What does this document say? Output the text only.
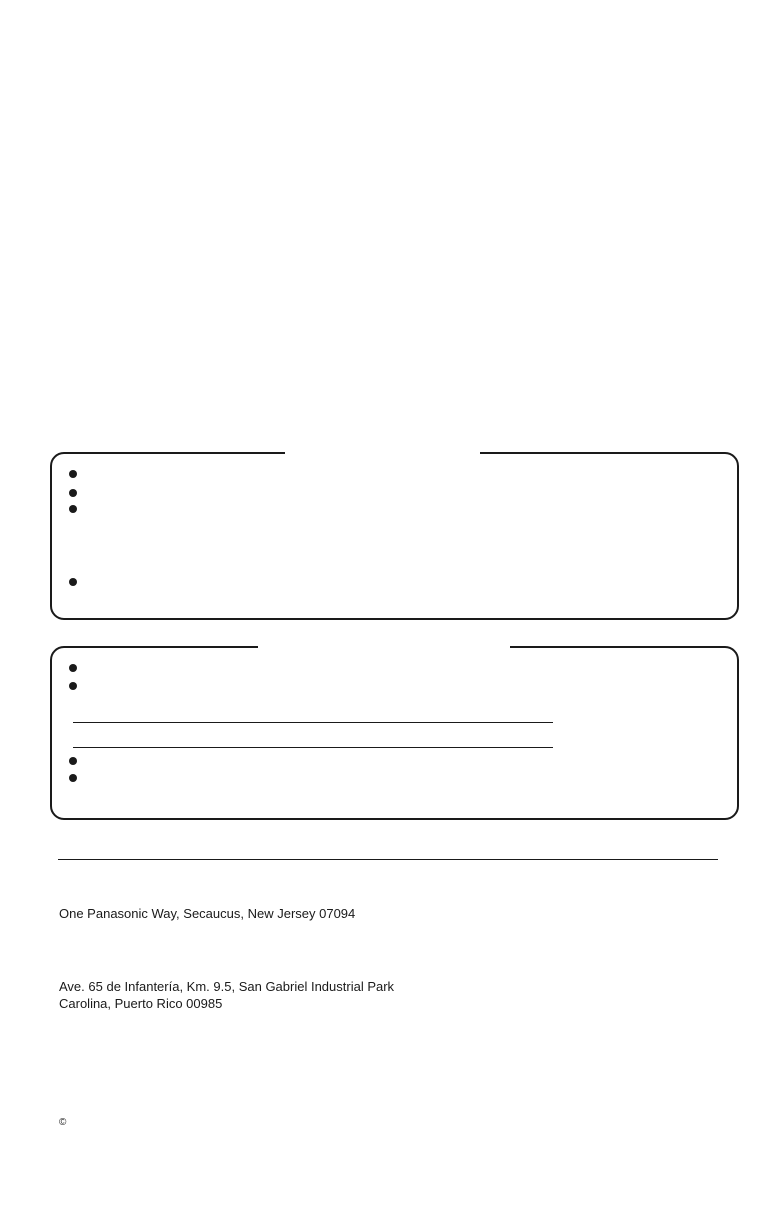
One Panasonic Way, Secaucus, New Jersey 07094
Ave. 65 de Infantería, Km. 9.5, San Gabriel Industrial Park
Carolina, Puerto Rico 00985
©
